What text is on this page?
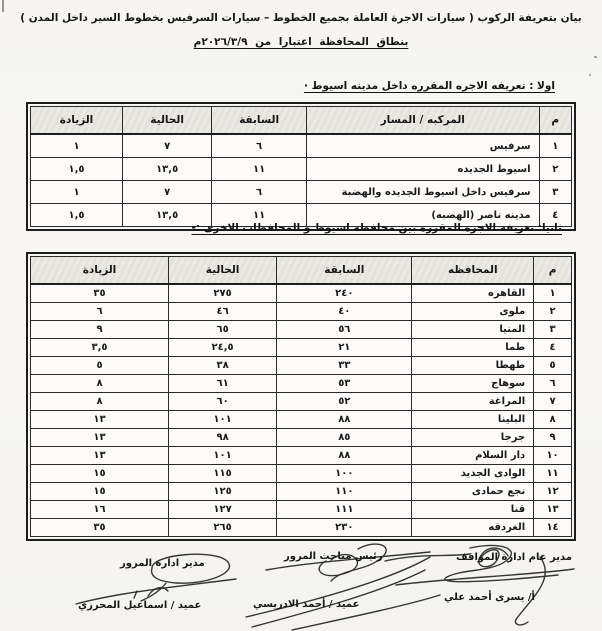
بيان بتعريفة الركوب ( سيارات الاجرة العاملة بجميع الخطوط – سيارات السرفيس بخطوط السير داخل المدن )
بنطاق المحافظة اعتبارا من ٢٠٢٦/٣/٩م
اولا : تعريفه الاجره المقرره داخل مدينه اسيوط ·
م	المركبه / المسار	السابقة	الحالية	الزيادة
١	سرفيس	٦	٧	١
٢	اسيوط الجديده	١١	١٣,٥	١,٥
٣	سرفيس داخل اسيوط الجديده والهضبة	٦	٧	١
٤	مدينه ناصر (الهضبه)	١١	١٣,٥	١,٥
ثانيا: تعريفه الاجره المقرره بين محافظه اسيوط و المحافظات الاخرى :-
م	المحافظه	السابقة	الحالية	الزيادة
١	القاهره	٢٤٠	٢٧٥	٣٥
٢	ملوى	٤٠	٤٦	٦
٣	المنيا	٥٦	٦٥	٩
٤	طما	٢١	٢٤,٥	٣,٥
٥	طهطا	٣٣	٣٨	٥
٦	سوهاج	٥٣	٦١	٨
٧	المراغة	٥٢	٦٠	٨
٨	البلينا	٨٨	١٠١	١٣
٩	جرجا	٨٥	٩٨	١٣
١٠	دار السلام	٨٨	١٠١	١٣
١١	الوادى الجديد	١٠٠	١١٥	١٥
١٢	نجع حمادى	١١٠	١٢٥	١٥
١٣	قنا	١١١	١٢٧	١٦
١٤	الغردقه	٢٣٠	٢٦٥	٣٥
مدير عام ادارة المواقف
أ/ يسرى أحمد علي
رئيس مباحث المرور
عميد / أحمد الادريسي
مدير ادارة المرور
عميد / اسماعيل المحرزي
